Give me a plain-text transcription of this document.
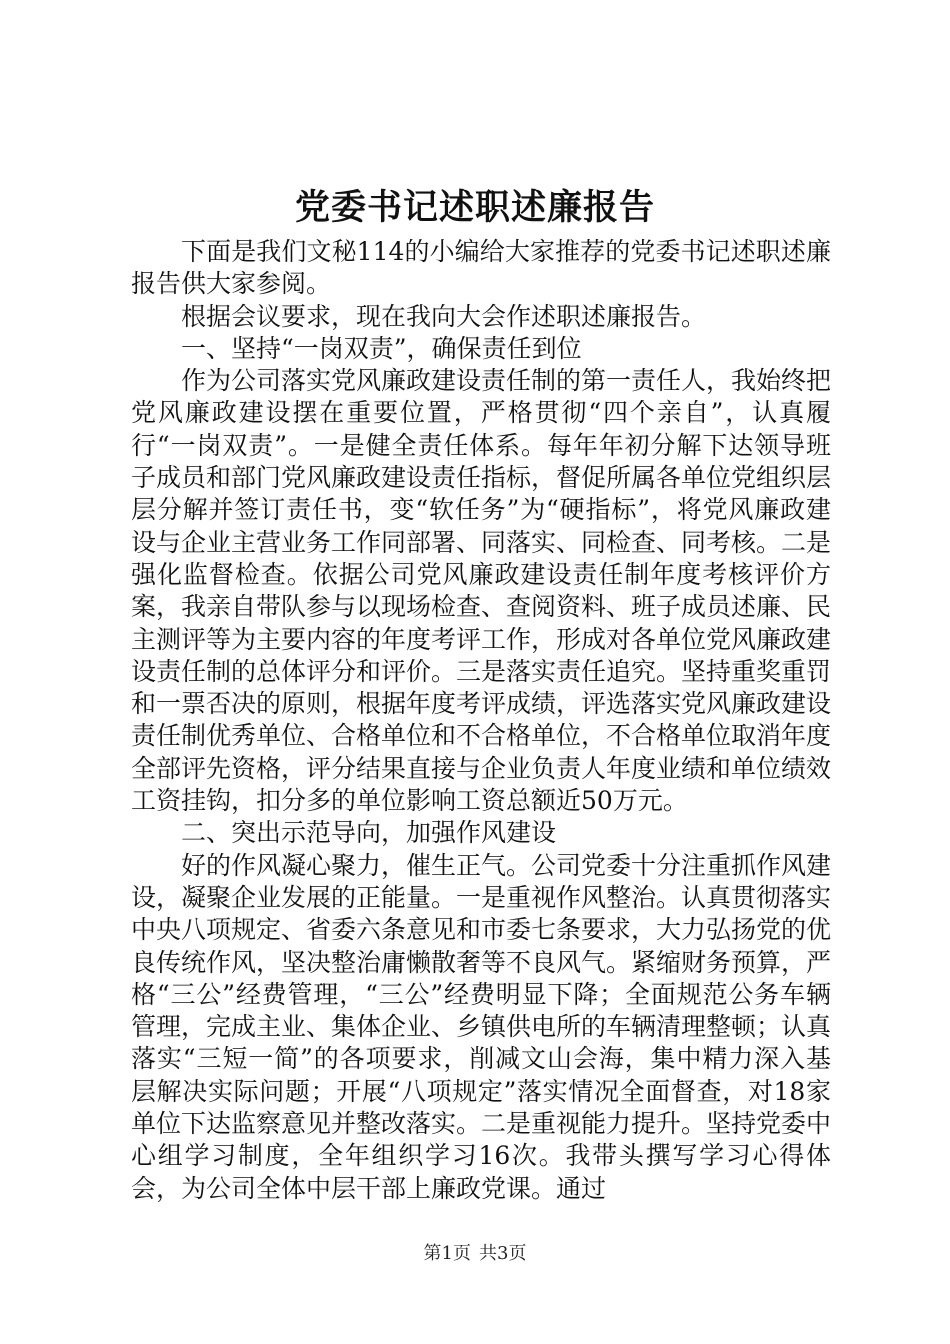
党委书记述职述廉报告

下面是我们文秘114的小编给大家推荐的党委书记述职述廉报告供大家参阅。

根据会议要求，现在我向大会作述职述廉报告。

一、坚持“一岗双责”，确保责任到位

作为公司落实党风廉政建设责任制的第一责任人，我始终把党风廉政建设摆在重要位置，严格贯彻“四个亲自”，认真履行“一岗双责”。一是健全责任体系。每年年初分解下达领导班子成员和部门党风廉政建设责任指标，督促所属各单位党组织层层分解并签订责任书，变“软任务”为“硬指标”，将党风廉政建设与企业主营业务工作同部署、同落实、同检查、同考核。二是强化监督检查。依据公司党风廉政建设责任制年度考核评价方案，我亲自带队参与以现场检查、查阅资料、班子成员述廉、民主测评等为主要内容的年度考评工作，形成对各单位党风廉政建设责任制的总体评分和评价。三是落实责任追究。坚持重奖重罚和一票否决的原则，根据年度考评成绩，评选落实党风廉政建设责任制优秀单位、合格单位和不合格单位，不合格单位取消年度全部评先资格，评分结果直接与企业负责人年度业绩和单位绩效工资挂钩，扣分多的单位影响工资总额近50万元。

二、突出示范导向，加强作风建设

好的作风凝心聚力，催生正气。公司党委十分注重抓作风建设，凝聚企业发展的正能量。一是重视作风整治。认真贯彻落实中央八项规定、省委六条意见和市委七条要求，大力弘扬党的优良传统作风，坚决整治庸懒散奢等不良风气。紧缩财务预算，严格“三公”经费管理，“三公”经费明显下降；全面规范公务车辆管理，完成主业、集体企业、乡镇供电所的车辆清理整顿；认真落实“三短一简”的各项要求，削减文山会海，集中精力深入基层解决实际问题；开展“八项规定”落实情况全面督查，对18家单位下达监察意见并整改落实。二是重视能力提升。坚持党委中心组学习制度，全年组织学习16次。我带头撰写学习心得体会，为公司全体中层干部上廉政党课。通过

第1页 共3页
